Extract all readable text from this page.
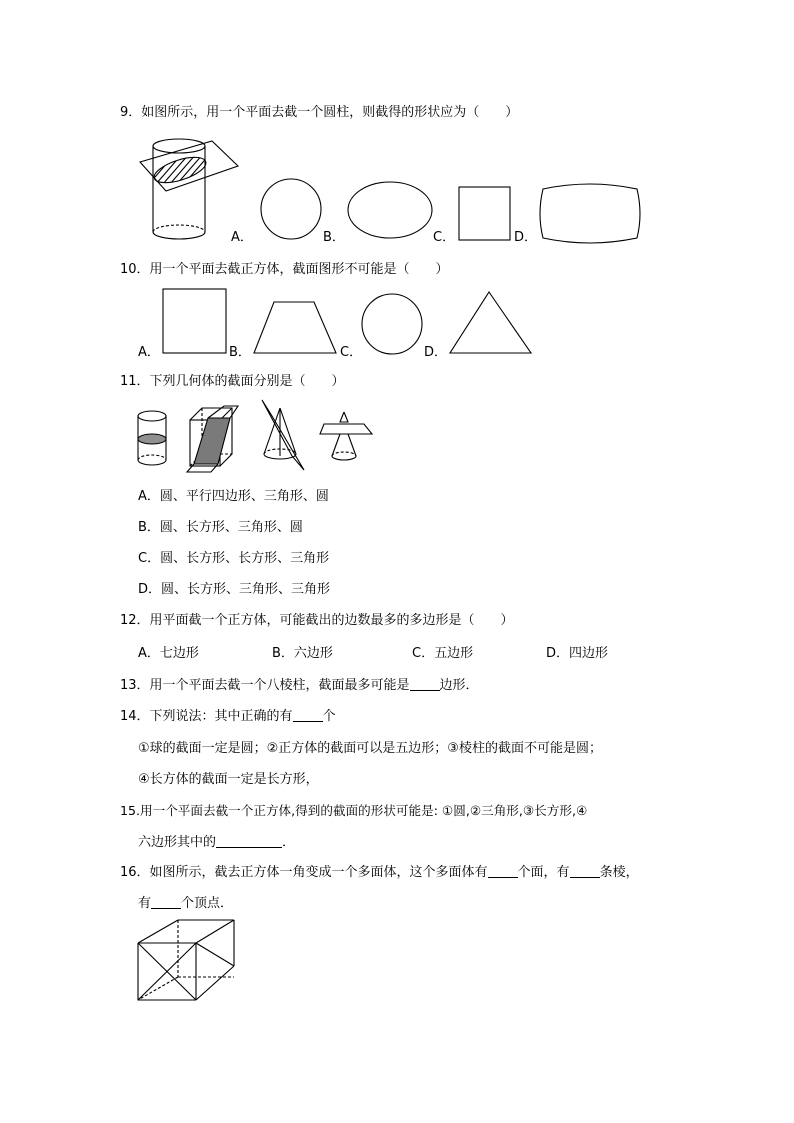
9．如图所示，用一个平面去截一个圆柱，则截得的形状应为（　　）
A．	B．	C．	D．
10．用一个平面去截正方体，截面图形不可能是（　　）
A．	B．	C．	D．
11．下列几何体的截面分别是（　　）
A．圆、平行四边形、三角形、圆
B．圆、长方形、三角形、圆
C．圆、长方形、长方形、三角形
D．圆、长方形、三角形、三角形
12．用平面截一个正方体，可能截出的边数最多的多边形是（　　）
A．七边形	B．六边形	C．五边形	D．四边形
13．用一个平面去截一个八棱柱，截面最多可能是 边形．
14．下列说法：其中正确的有 个
①球的截面一定是圆；②正方体的截面可以是五边形；③棱柱的截面不可能是圆；
④长方体的截面一定是长方形，
15.用一个平面去截一个正方体,得到的截面的形状可能是: ①圆,②三角形,③长方形,④
六边形其中的	．
16．如图所示，截去正方体一角变成一个多面体，这个多面体有 个面，有 条棱，
有 个顶点．
